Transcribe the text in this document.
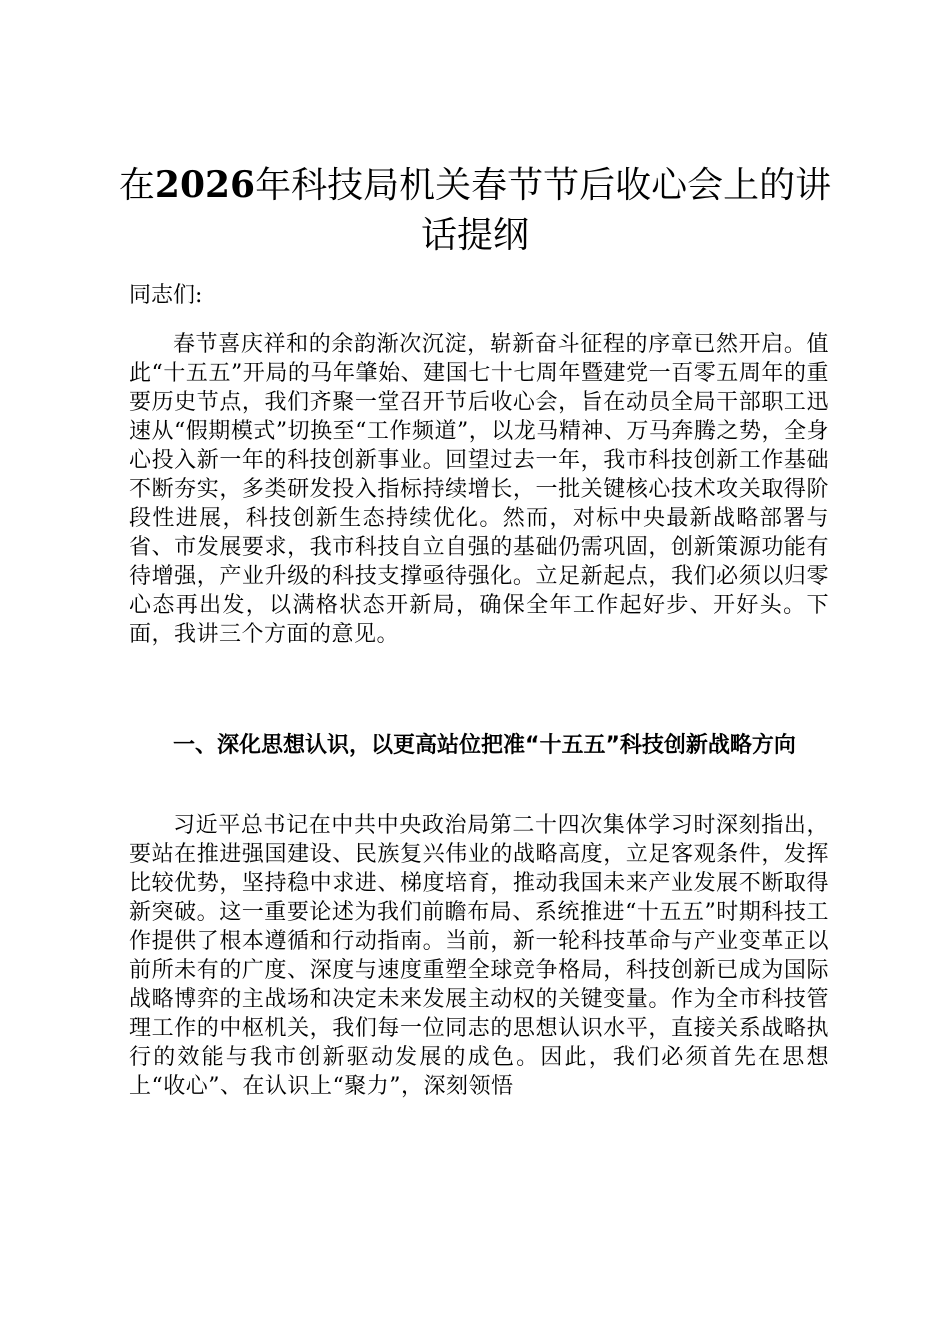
在2026年科技局机关春节节后收心会上的讲话提纲

同志们:

春节喜庆祥和的余韵渐次沉淀，崭新奋斗征程的序章已然开启。值此“十五五”开局的马年肇始、建国七十七周年暨建党一百零五周年的重要历史节点，我们齐聚一堂召开节后收心会，旨在动员全局干部职工迅速从“假期模式”切换至“工作频道”，以龙马精神、万马奔腾之势，全身心投入新一年的科技创新事业。回望过去一年，我市科技创新工作基础不断夯实，多类研发投入指标持续增长，一批关键核心技术攻关取得阶段性进展，科技创新生态持续优化。然而，对标中央最新战略部署与省、市发展要求，我市科技自立自强的基础仍需巩固，创新策源功能有待增强，产业升级的科技支撑亟待强化。立足新起点，我们必须以归零心态再出发，以满格状态开新局，确保全年工作起好步、开好头。下面，我讲三个方面的意见。

一、深化思想认识，以更高站位把准“十五五”科技创新战略方向

习近平总书记在中共中央政治局第二十四次集体学习时深刻指出，要站在推进强国建设、民族复兴伟业的战略高度，立足客观条件，发挥比较优势，坚持稳中求进、梯度培育，推动我国未来产业发展不断取得新突破。这一重要论述为我们前瞻布局、系统推进“十五五”时期科技工作提供了根本遵循和行动指南。当前，新一轮科技革命与产业变革正以前所未有的广度、深度与速度重塑全球竞争格局，科技创新已成为国际战略博弈的主战场和决定未来发展主动权的关键变量。作为全市科技管理工作的中枢机关，我们每一位同志的思想认识水平，直接关系战略执行的效能与我市创新驱动发展的成色。因此，我们必须首先在思想上“收心”、在认识上“聚力”，深刻领悟
